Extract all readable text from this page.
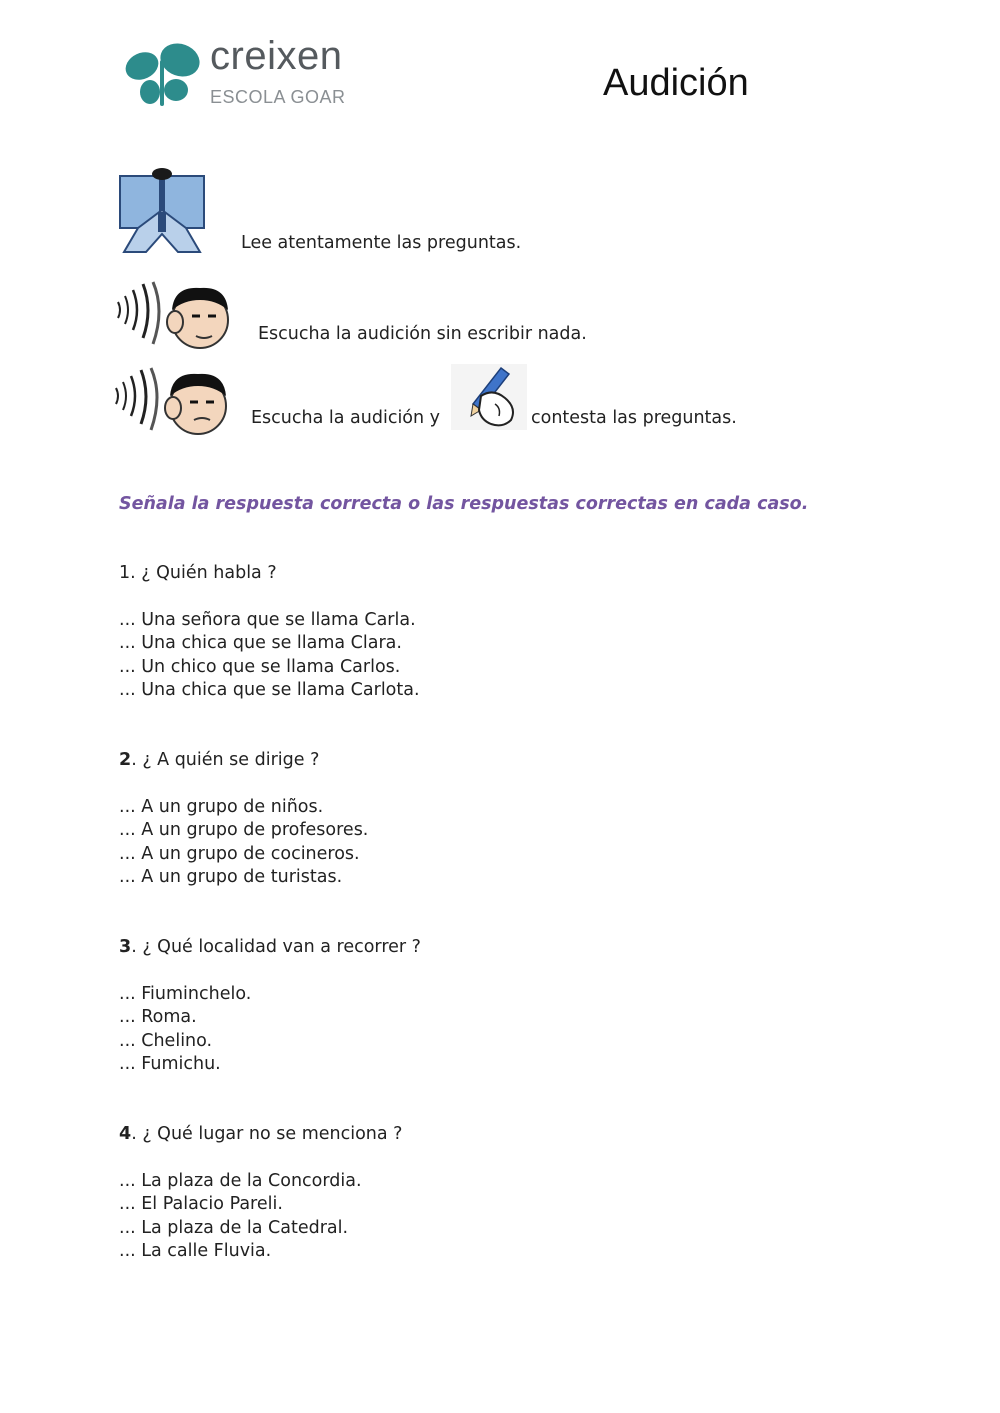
creixen
ESCOLA GOAR	Audición
Lee atentamente las preguntas.
Escucha la audición sin escribir nada.
Escucha la audición y	contesta las preguntas.
Señala la respuesta correcta o las respuestas correctas en cada caso.
1. ¿ Quién habla ?
... Una señora que se llama Carla.
... Una chica que se llama Clara.
... Un chico que se llama Carlos.
... Una chica que se llama Carlota.
2. ¿ A quién se dirige ?
... A un grupo de niños.
... A un grupo de profesores.
... A un grupo de cocineros.
... A un grupo de turistas.
3. ¿ Qué localidad van a recorrer ?
... Fiuminchelo.
... Roma.
... Chelino.
... Fumichu.
4. ¿ Qué lugar no se menciona ?
... La plaza de la Concordia.
... El Palacio Pareli.
... La plaza de la Catedral.
... La calle Fluvia.
